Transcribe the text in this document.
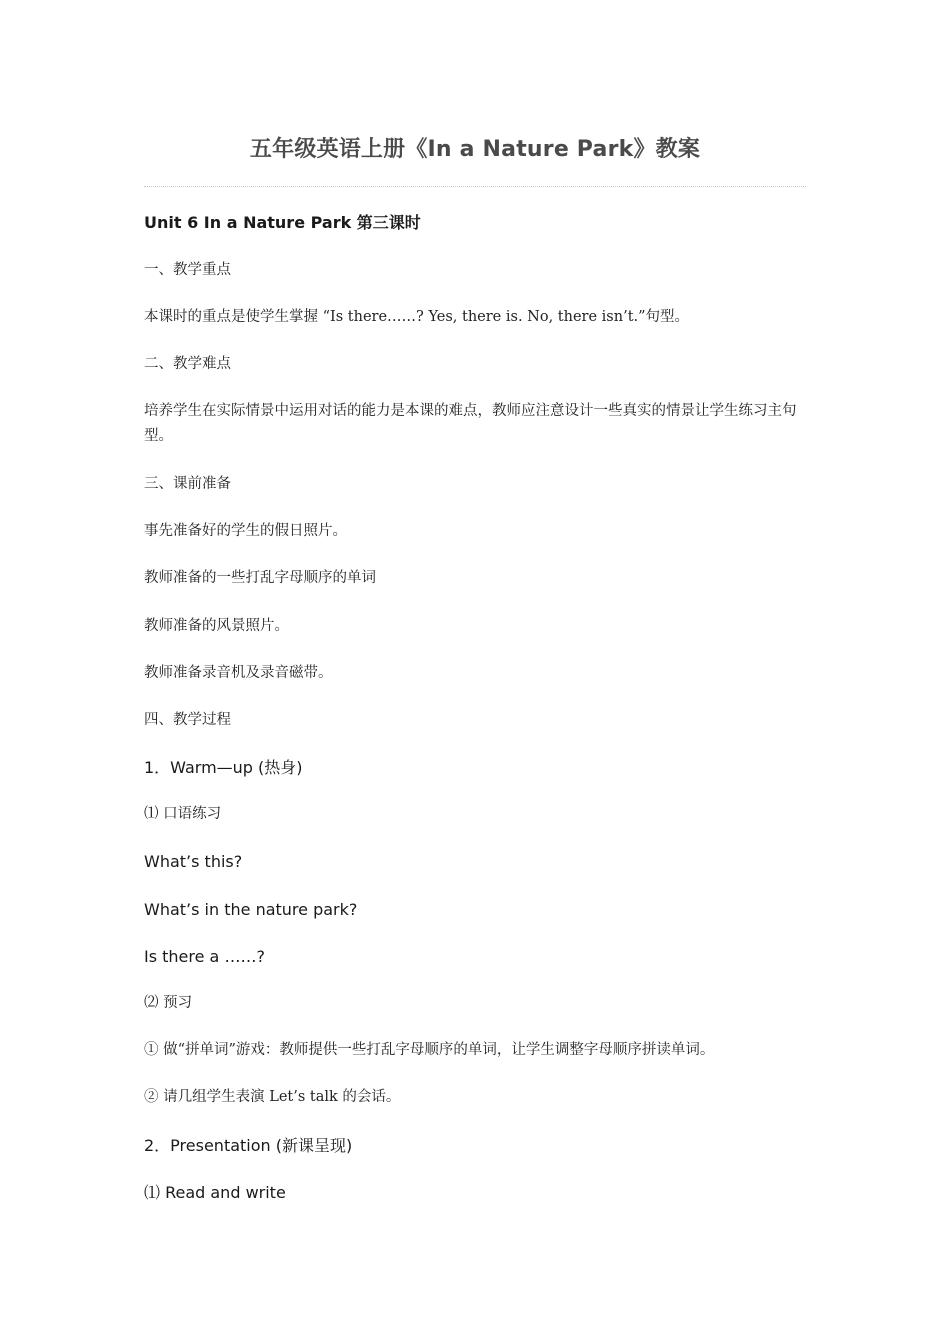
五年级英语上册《In a Nature Park》教案
Unit 6 In a Nature Park 第三课时
一、教学重点
本课时的重点是使学生掌握 “Is there……? Yes, there is. No, there isn’t.”句型。
二、教学难点
培养学生在实际情景中运用对话的能力是本课的难点，教师应注意设计一些真实的情景让学生练习主句型。
三、课前准备
事先准备好的学生的假日照片。
教师准备的一些打乱字母顺序的单词
教师准备的风景照片。
教师准备录音机及录音磁带。
四、教学过程
1．Warm—up (热身)
⑴ 口语练习
What’s this?
What’s in the nature park?
Is there a ……?
⑵ 预习
① 做“拼单词”游戏：教师提供一些打乱字母顺序的单词，让学生调整字母顺序拼读单词。
② 请几组学生表演 Let’s talk 的会话。
2．Presentation (新课呈现)
⑴ Read and write
